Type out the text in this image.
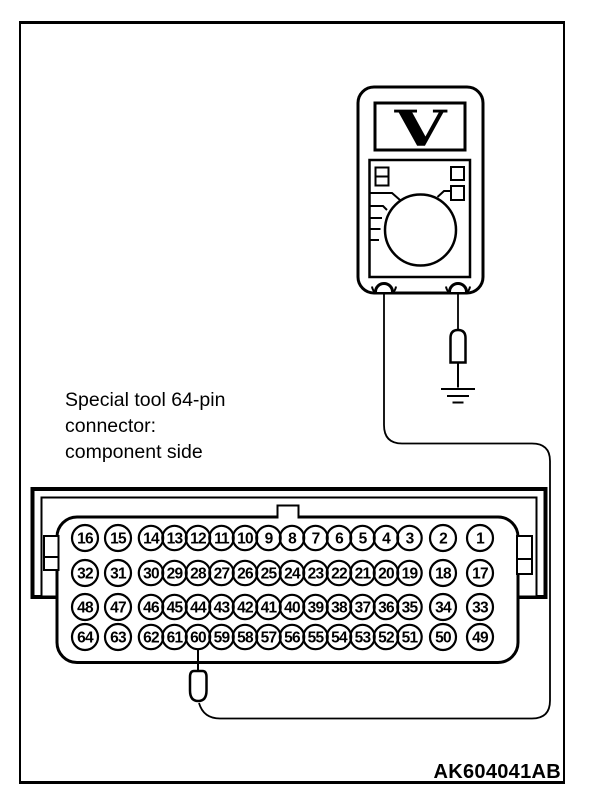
V
16 15 14 13 12 11 10 9 8 7 6 5 4 3 2 1
32 31 30 29 28 27 26 25 24 23 22 21 20 19 18 17
48 47 46 45 44 43 42 41 40 39 38 37 36 35 34 33
64 63 62 61 60 59 58 57 56 55 54 53 52 51 50 49
Special tool 64-pin
connector:
component side
AK604041AB
